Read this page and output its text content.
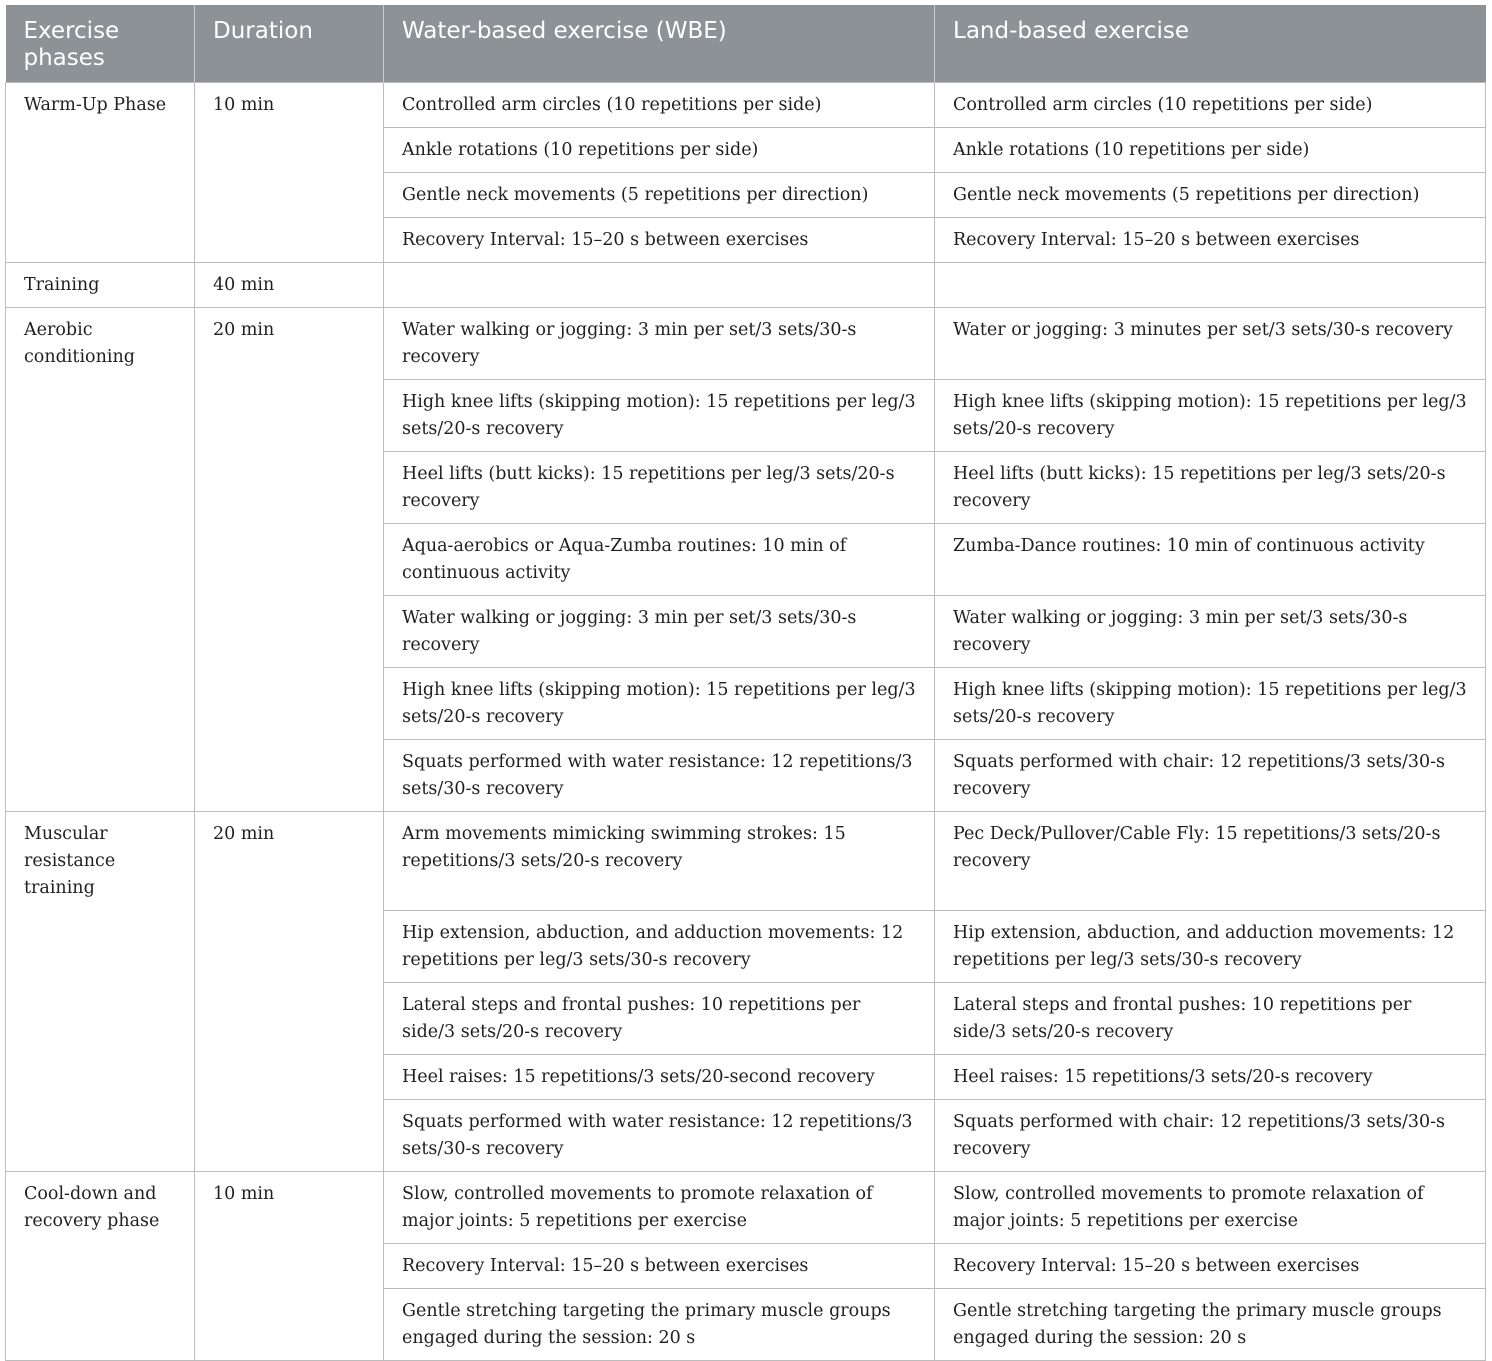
Exercise phases	Duration	Water-based exercise (WBE)	Land-based exercise
Warm-Up Phase	10 min	Controlled arm circles (10 repetitions per side)	Controlled arm circles (10 repetitions per side)
		Ankle rotations (10 repetitions per side)	Ankle rotations (10 repetitions per side)
		Gentle neck movements (5 repetitions per direction)	Gentle neck movements (5 repetitions per direction)
		Recovery Interval: 15–20 s between exercises	Recovery Interval: 15–20 s between exercises
Training	40 min		
Aerobic conditioning	20 min	Water walking or jogging: 3 min per set/3 sets/30-s recovery	Water or jogging: 3 minutes per set/3 sets/30-s recovery
		High knee lifts (skipping motion): 15 repetitions per leg/3 sets/20-s recovery	High knee lifts (skipping motion): 15 repetitions per leg/3 sets/20-s recovery
		Heel lifts (butt kicks): 15 repetitions per leg/3 sets/20-s recovery	Heel lifts (butt kicks): 15 repetitions per leg/3 sets/20-s recovery
		Aqua-aerobics or Aqua-Zumba routines: 10 min of continuous activity	Zumba-Dance routines: 10 min of continuous activity
		Water walking or jogging: 3 min per set/3 sets/30-s recovery	Water walking or jogging: 3 min per set/3 sets/30-s recovery
		High knee lifts (skipping motion): 15 repetitions per leg/3 sets/20-s recovery	High knee lifts (skipping motion): 15 repetitions per leg/3 sets/20-s recovery
		Squats performed with water resistance: 12 repetitions/3 sets/30-s recovery	Squats performed with chair: 12 repetitions/3 sets/30-s recovery
Muscular resistance training	20 min	Arm movements mimicking swimming strokes: 15 repetitions/3 sets/20-s recovery	Pec Deck/Pullover/Cable Fly: 15 repetitions/3 sets/20-s recovery
		Hip extension, abduction, and adduction movements: 12 repetitions per leg/3 sets/30-s recovery	Hip extension, abduction, and adduction movements: 12 repetitions per leg/3 sets/30-s recovery
		Lateral steps and frontal pushes: 10 repetitions per side/3 sets/20-s recovery	Lateral steps and frontal pushes: 10 repetitions per side/3 sets/20-s recovery
		Heel raises: 15 repetitions/3 sets/20-second recovery	Heel raises: 15 repetitions/3 sets/20-s recovery
		Squats performed with water resistance: 12 repetitions/3 sets/30-s recovery	Squats performed with chair: 12 repetitions/3 sets/30-s recovery
Cool-down and recovery phase	10 min	Slow, controlled movements to promote relaxation of major joints: 5 repetitions per exercise	Slow, controlled movements to promote relaxation of major joints: 5 repetitions per exercise
		Recovery Interval: 15–20 s between exercises	Recovery Interval: 15–20 s between exercises
		Gentle stretching targeting the primary muscle groups engaged during the session: 20 s	Gentle stretching targeting the primary muscle groups engaged during the session: 20 s
